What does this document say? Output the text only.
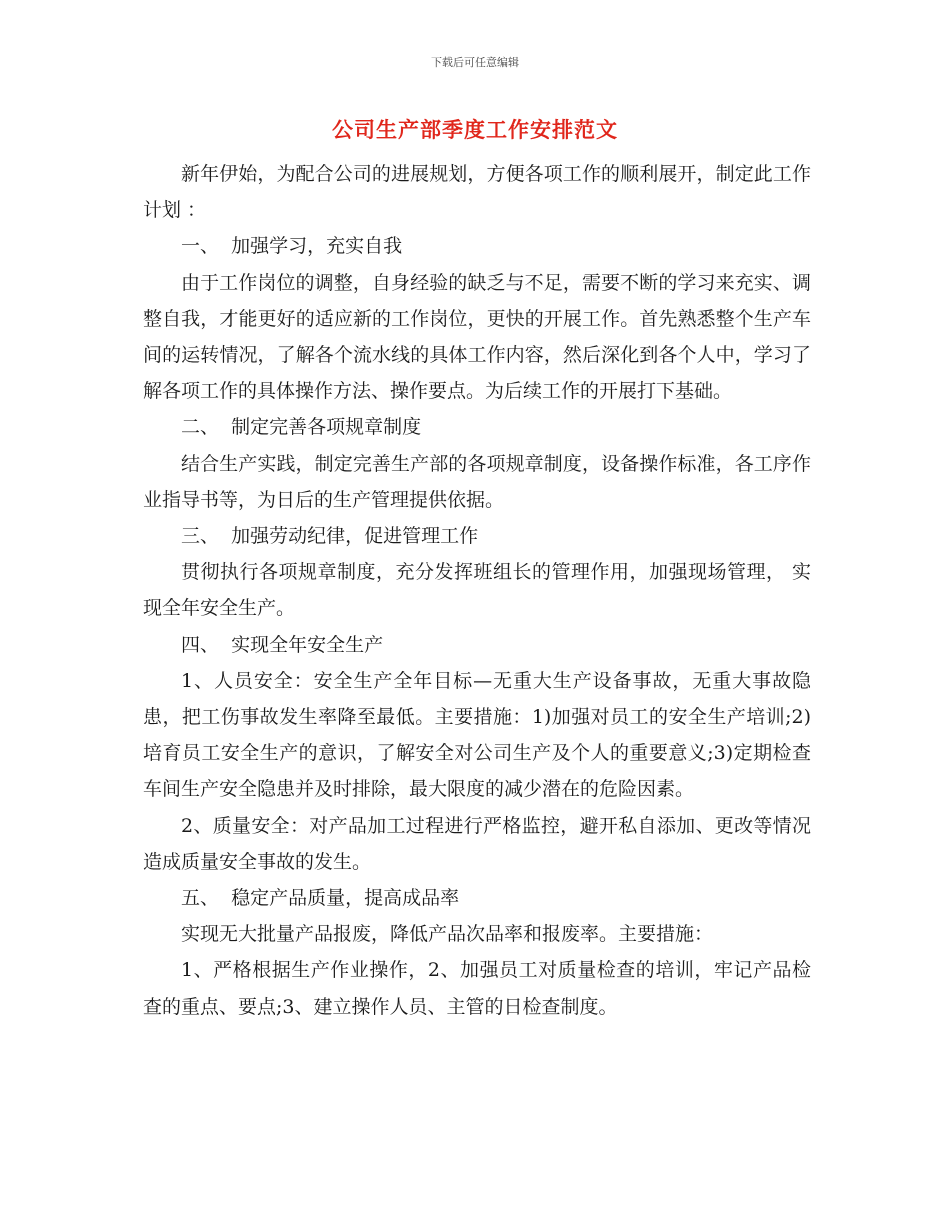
下载后可任意编辑
公司生产部季度工作安排范文

新年伊始，为配合公司的进展规划，方便各项工作的顺利展开，制定此工作计划 ：

一、  加强学习，充实自我

由于工作岗位的调整，自身经验的缺乏与不足，需要不断的学习来充实、调整自我，才能更好的适应新的工作岗位，更快的开展工作。首先熟悉整个生产车间的运转情况，了解各个流水线的具体工作内容，然后深化到各个人中，学习了解各项工作的具体操作方法、操作要点。为后续工作的开展打下基础。

二、  制定完善各项规章制度

结合生产实践，制定完善生产部的各项规章制度，设备操作标准，各工序作业指导书等，为日后的生产管理提供依据。

三、  加强劳动纪律，促进管理工作

贯彻执行各项规章制度，充分发挥班组长的管理作用，加强现场管理， 实现全年安全生产。

四、  实现全年安全生产

1、人员安全：安全生产全年目标—无重大生产设备事故，无重大事故隐患，把工伤事故发生率降至最低。主要措施：1)加强对员工的安全生产培训;2)培育员工安全生产的意识，了解安全对公司生产及个人的重要意义;3)定期检查车间生产安全隐患并及时排除，最大限度的减少潜在的危险因素。

2、质量安全：对产品加工过程进行严格监控，避开私自添加、更改等情况造成质量安全事故的发生。

五、  稳定产品质量，提高成品率

实现无大批量产品报废，降低产品次品率和报废率。主要措施：

1、严格根据生产作业操作，2、加强员工对质量检查的培训，牢记产品检查的重点、要点;3、建立操作人员、主管的日检查制度。
